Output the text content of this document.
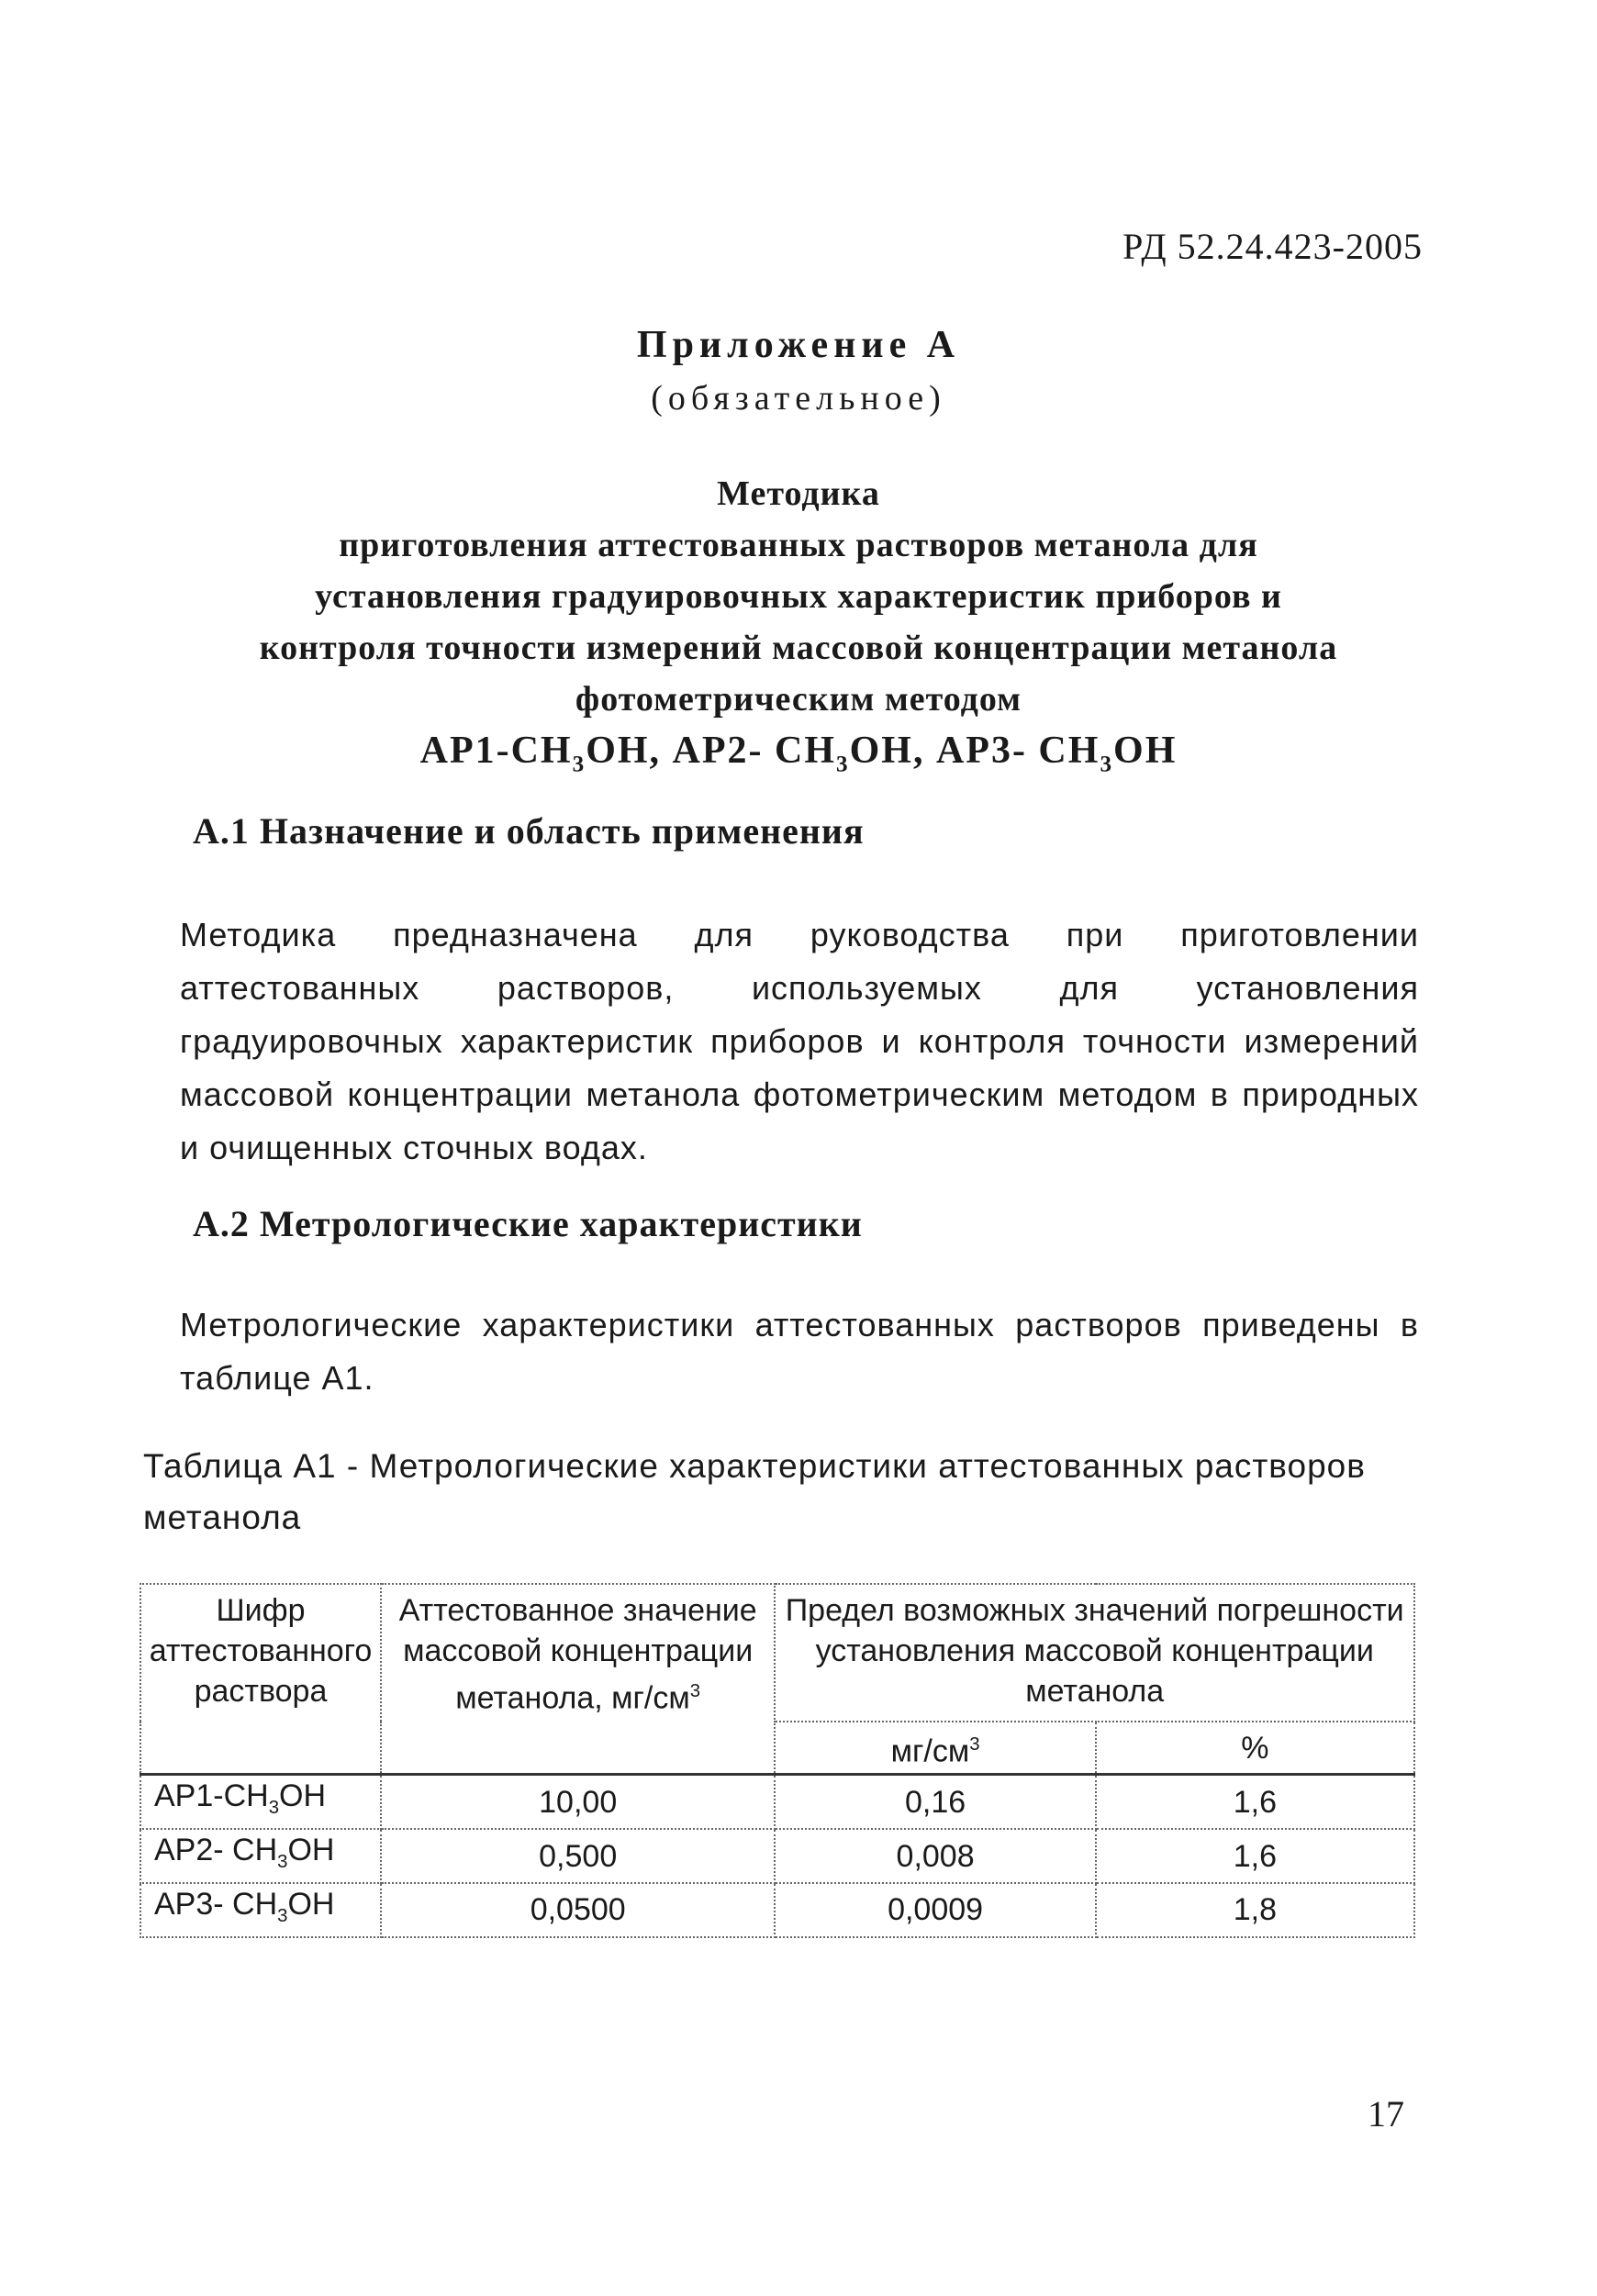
РД 52.24.423-2005
Приложение А
(обязательное)
Методика
приготовления аттестованных растворов метанола для
установления градуировочных характеристик приборов и
контроля точности измерений массовой концентрации метанола
фотометрическим методом
$АР1-СН_3ОН$, АР2- $СН_3ОН$, АР3- $СН_3ОН$
А.1 Назначение и область применения
Методика предназначена для руководства при приготовлении аттестованных растворов, используемых для установления градуировочных характеристик приборов и контроля точности измерений массовой концентрации метанола фотометрическим методом в природных и очищенных сточных водах.
А.2 Метрологические характеристики
Метрологические характеристики аттестованных растворов приведены в таблице А1.
Таблица А1 - Метрологические характеристики аттестованных растворов метанола
Шифр аттестованного раствора	Аттестованное значение массовой концентрации метанола, $мг/см^3$	Предел возможных значений погрешности установления массовой концентрации метанола	
		$мг/см^3$	%
$АР1-СН_3ОН$	10,00	0,16	1,6
АР2- $СН_3ОН$	0,500	0,008	1,6
АР3- $СН_3ОН$	0,0500	0,0009	1,8
17
